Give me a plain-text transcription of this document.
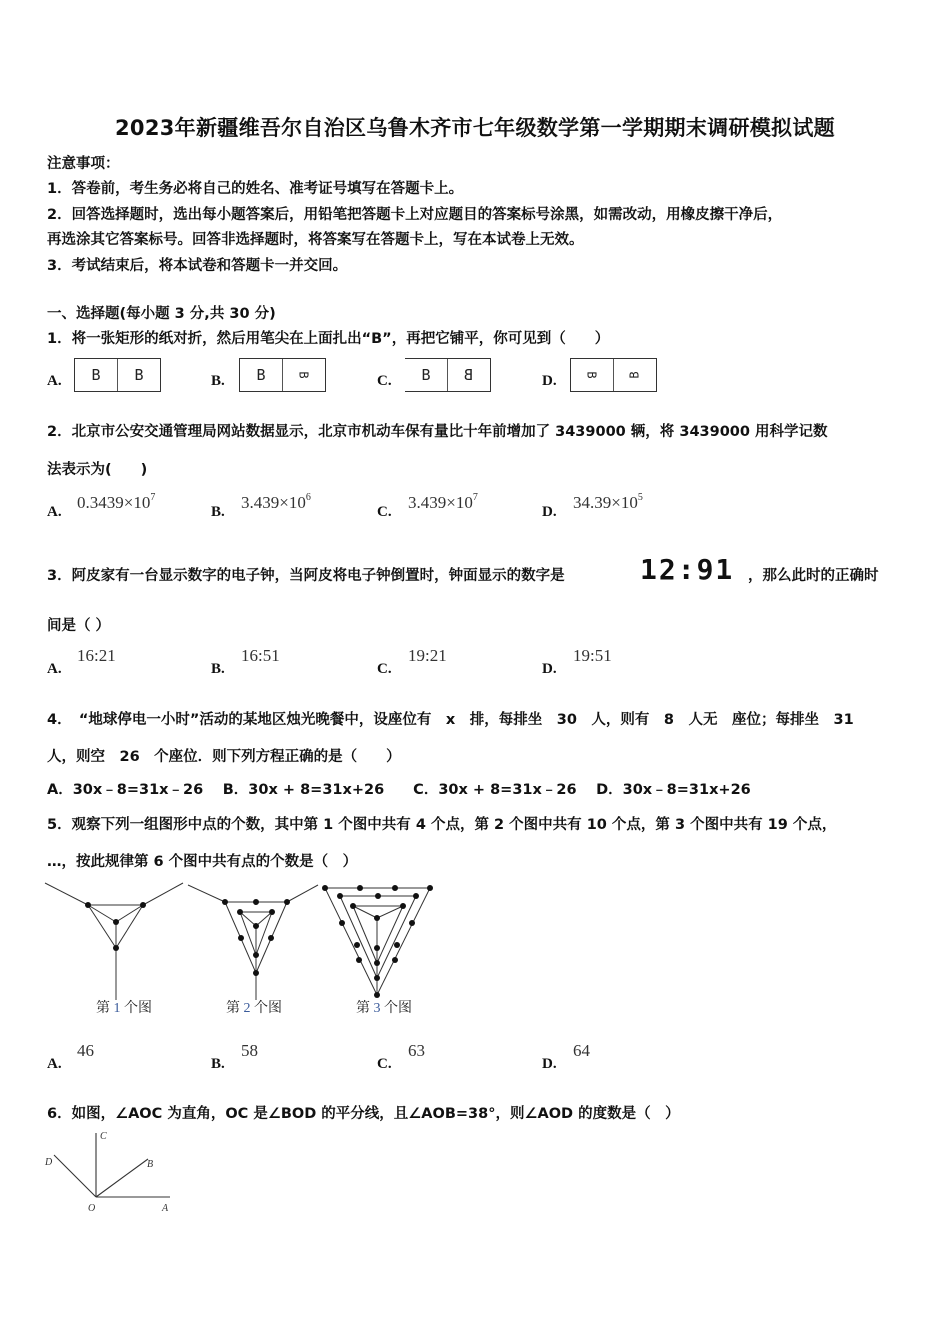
2023年新疆维吾尔自治区乌鲁木齐市七年级数学第一学期期末调研模拟试题
注意事项：
1．答卷前，考生务必将自己的姓名、准考证号填写在答题卡上。
2．回答选择题时，选出每小题答案后，用铅笔把答题卡上对应题目的答案标号涂黑，如需改动，用橡皮擦干净后，
再选涂其它答案标号。回答非选择题时，将答案写在答题卡上，写在本试卷上无效。
3．考试结束后，将本试卷和答题卡一并交回。
一、选择题(每小题 3 分,共 30 分)
1．将一张矩形的纸对折，然后用笔尖在上面扎出“B”，再把它铺平，你可见到（　　）
A.	B	B	B.	B	B	C.	B	B	D. B B
2．北京市公安交通管理局网站数据显示，北京市机动车保有量比十年前增加了 3439000 辆，将 3439000 用科学记数
法表示为(　　)
A. $0.3439\times 10^7$
B. $3.439\times 10^6$
C. $3.439\times 10^7$
D. $34.39\times 10^5$
3．阿皮家有一台显示数字的电子钟，当阿皮将电子钟倒置时，钟面显示的数字是	12:91 ，那么此时的正确时
间是（ ）
A.
16:21
B.
16:51
C.
19:21
D.
19:51
4．　“地球停电一小时”活动的某地区烛光晚餐中，设座位有　x　排，每排坐　30　人，则有　8　人无　座位；每排坐　31
人，则空　26　个座位．则下列方程正确的是（　　）
A．30x﹣8=31x﹣26　 B．30x + 8=31x+26　　C．30x + 8=31x﹣26　 D．30x﹣8=31x+26
5．观察下列一组图形中点的个数，其中第 1 个图中共有 4 个点，第 2 个图中共有 10 个点，第 3 个图中共有 19 个点，
…，按此规律第 6 个图中共有点的个数是（　）
第 1 个图	第 2 个图	第 3 个图
A.
46
B.
58
C.
63
D.
64
6．如图，∠AOC 为直角，OC 是∠BOD 的平分线，且∠AOB=38°，则∠AOD 的度数是（　）
C
D	B
O	A
